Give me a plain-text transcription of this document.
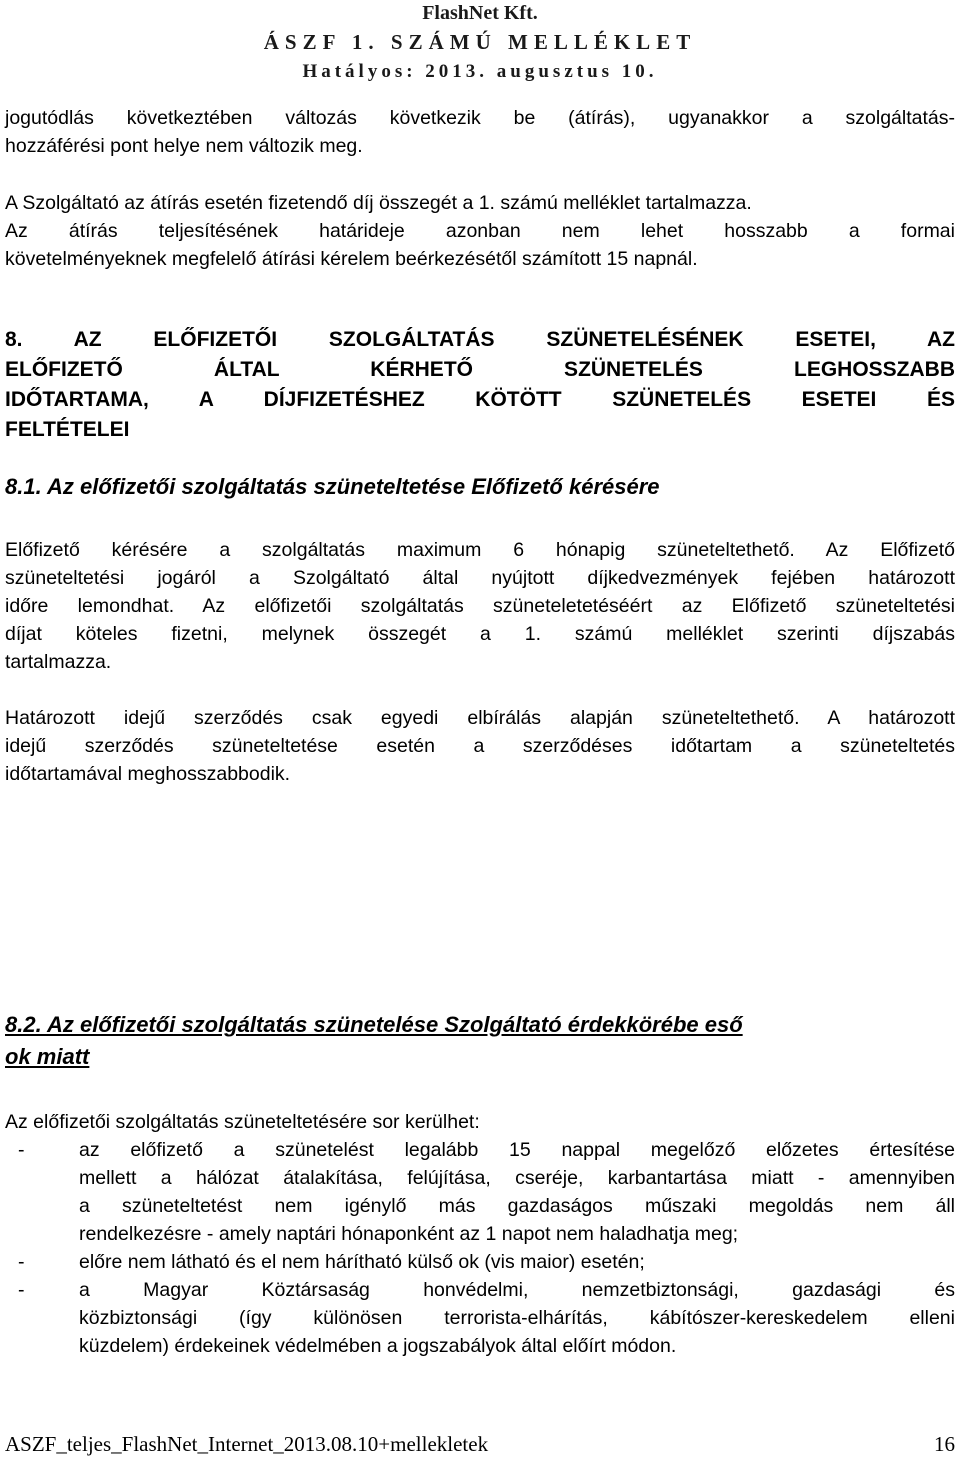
FlashNet Kft.
ÁSZF 1. SZÁMÚ MELLÉKLET
Hatályos: 2013. augusztus 10.
jogutódlás következtében változás következik be (átírás), ugyanakkor a szolgáltatás-
hozzáférési pont helye nem változik meg.
A Szolgáltató az átírás esetén fizetendő díj összegét a 1. számú melléklet tartalmazza.
Az átírás teljesítésének határideje azonban nem lehet hosszabb a formai
követelményeknek megfelelő átírási kérelem beérkezésétől számított 15 napnál.
8. AZ ELŐFIZETŐI SZOLGÁLTATÁS SZÜNETELÉSÉNEK ESETEI, AZ
ELŐFIZETŐ ÁLTAL KÉRHETŐ SZÜNETELÉS LEGHOSSZABB
IDŐTARTAMA, A DÍJFIZETÉSHEZ KÖTÖTT SZÜNETELÉS ESETEI ÉS
FELTÉTELEI
8.1. Az előfizetői szolgáltatás szüneteltetése Előfizető kérésére
Előfizető kérésére a szolgáltatás maximum 6 hónapig szüneteltethető. Az Előfizető
szüneteltetési jogáról a Szolgáltató által nyújtott díjkedvezmények fejében határozott
időre lemondhat. Az előfizetői szolgáltatás szüneteletetéséért az Előfizető szüneteltetési
díjat köteles fizetni, melynek összegét a 1. számú melléklet szerinti díjszabás
tartalmazza.
Határozott idejű szerződés csak egyedi elbírálás alapján szüneteltethető. A határozott
idejű szerződés szüneteltetése esetén a szerződéses időtartam a szüneteltetés
időtartamával meghosszabbodik.
8.2. Az előfizetői szolgáltatás szünetelése Szolgáltató érdekkörébe eső
ok miatt
Az előfizetői szolgáltatás szüneteltetésére sor kerülhet:
-	az előfizető a szünetelést legalább 15 nappal megelőző előzetes értesítése
mellett a hálózat átalakítása, felújítása, cseréje, karbantartása miatt - amennyiben
a szüneteltetést nem igénylő más gazdaságos műszaki megoldás nem áll
rendelkezésre - amely naptári hónaponként az 1 napot nem haladhatja meg;
-	előre nem látható és el nem hárítható külső ok (vis maior) esetén;
-	a Magyar Köztársaság honvédelmi, nemzetbiztonsági, gazdasági és
közbiztonsági (így különösen terrorista-elhárítás, kábítószer-kereskedelem elleni
küzdelem) érdekeinek védelmében a jogszabályok által előírt módon.
ASZF_teljes_FlashNet_Internet_2013.08.10+mellekletek	16
